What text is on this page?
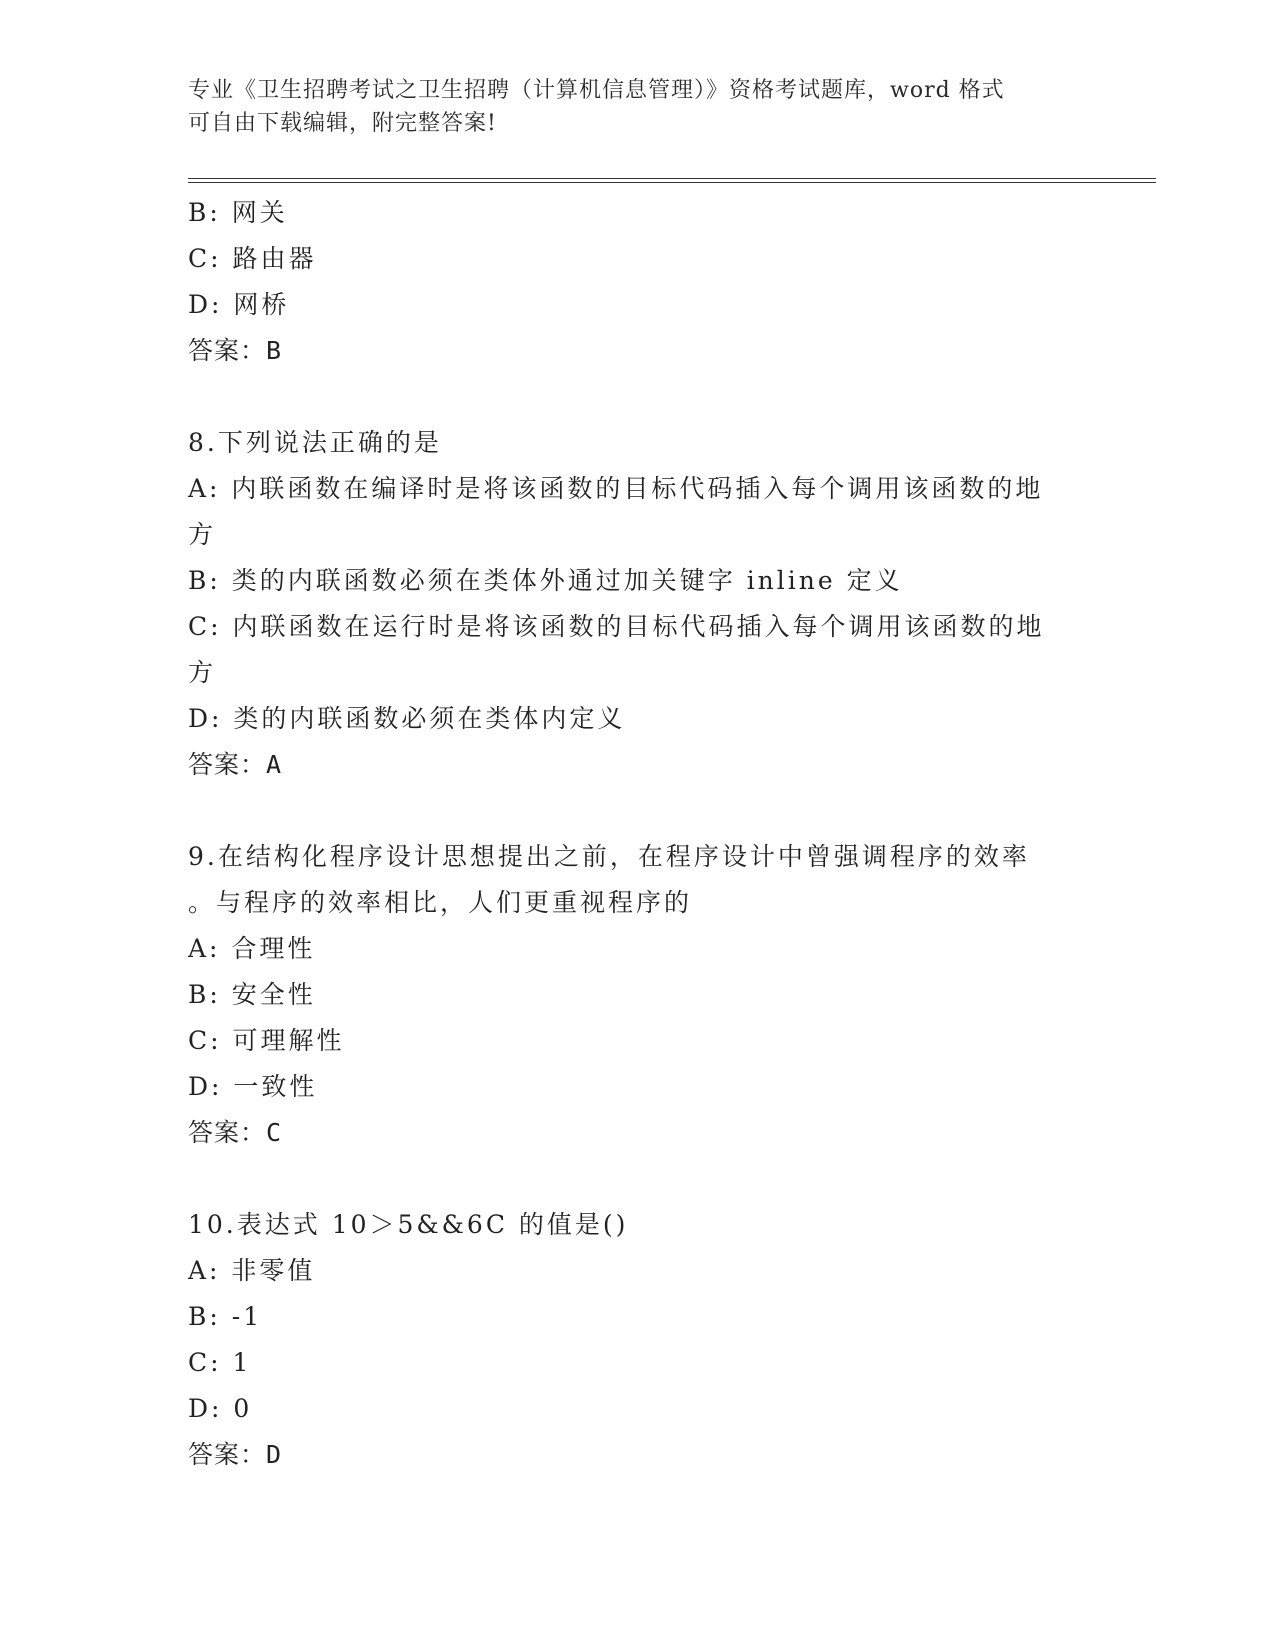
专业《卫生招聘考试之卫生招聘（计算机信息管理）》资格考试题库，word 格式
可自由下载编辑，附完整答案!
B: 网关
C: 路由器
D: 网桥
答案：B
8.下列说法正确的是
A: 内联函数在编译时是将该函数的目标代码插入每个调用该函数的地
方
B: 类的内联函数必须在类体外通过加关键字 inline 定义
C: 内联函数在运行时是将该函数的目标代码插入每个调用该函数的地
方
D: 类的内联函数必须在类体内定义
答案：A
9.在结构化程序设计思想提出之前，在程序设计中曾强调程序的效率
。与程序的效率相比，人们更重视程序的
A: 合理性
B: 安全性
C: 可理解性
D: 一致性
答案：C
10.表达式 10＞5&&6C 的值是()
A: 非零值
B: -1
C: 1
D: 0
答案：D
